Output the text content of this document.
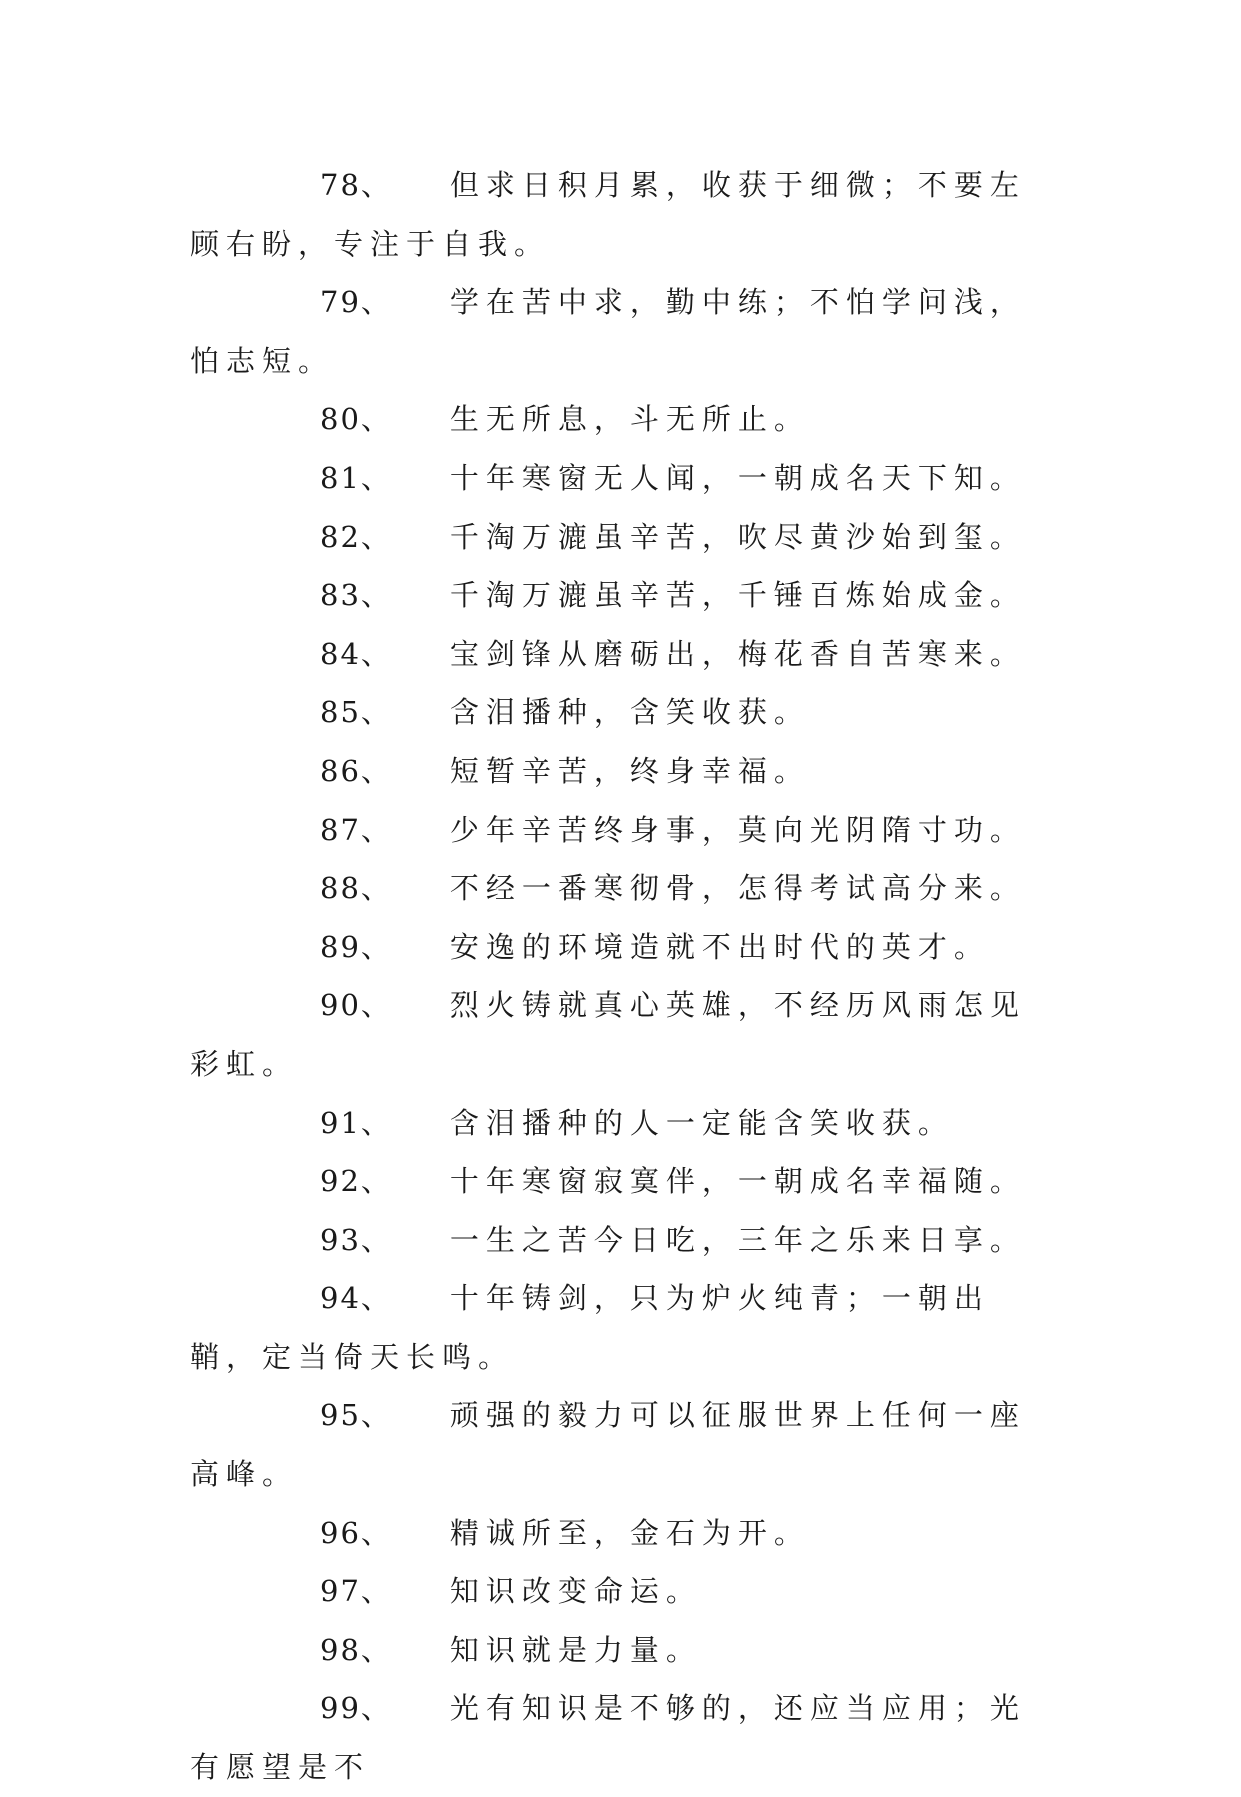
78、 但求日积月累，收获于细微；不要左顾右盼，专注于自我。

79、 学在苦中求，勤中练；不怕学问浅，怕志短。

80、 生无所息，斗无所止。

81、 十年寒窗无人闻，一朝成名天下知。

82、 千淘万漉虽辛苦，吹尽黄沙始到玺。

83、 千淘万漉虽辛苦，千锤百炼始成金。

84、 宝剑锋从磨砺出，梅花香自苦寒来。

85、 含泪播种，含笑收获。

86、 短暂辛苦，终身幸福。

87、 少年辛苦终身事，莫向光阴隋寸功。

88、 不经一番寒彻骨，怎得考试高分来。

89、 安逸的环境造就不出时代的英才。

90、 烈火铸就真心英雄，不经历风雨怎见彩虹。

91、 含泪播种的人一定能含笑收获。

92、 十年寒窗寂寞伴，一朝成名幸福随。

93、 一生之苦今日吃，三年之乐来日享。

94、 十年铸剑，只为炉火纯青；一朝出鞘，定当倚天长鸣。

95、 顽强的毅力可以征服世界上任何一座高峰。

96、 精诚所至，金石为开。

97、 知识改变命运。

98、 知识就是力量。

99、 光有知识是不够的，还应当应用；光有愿望是不
